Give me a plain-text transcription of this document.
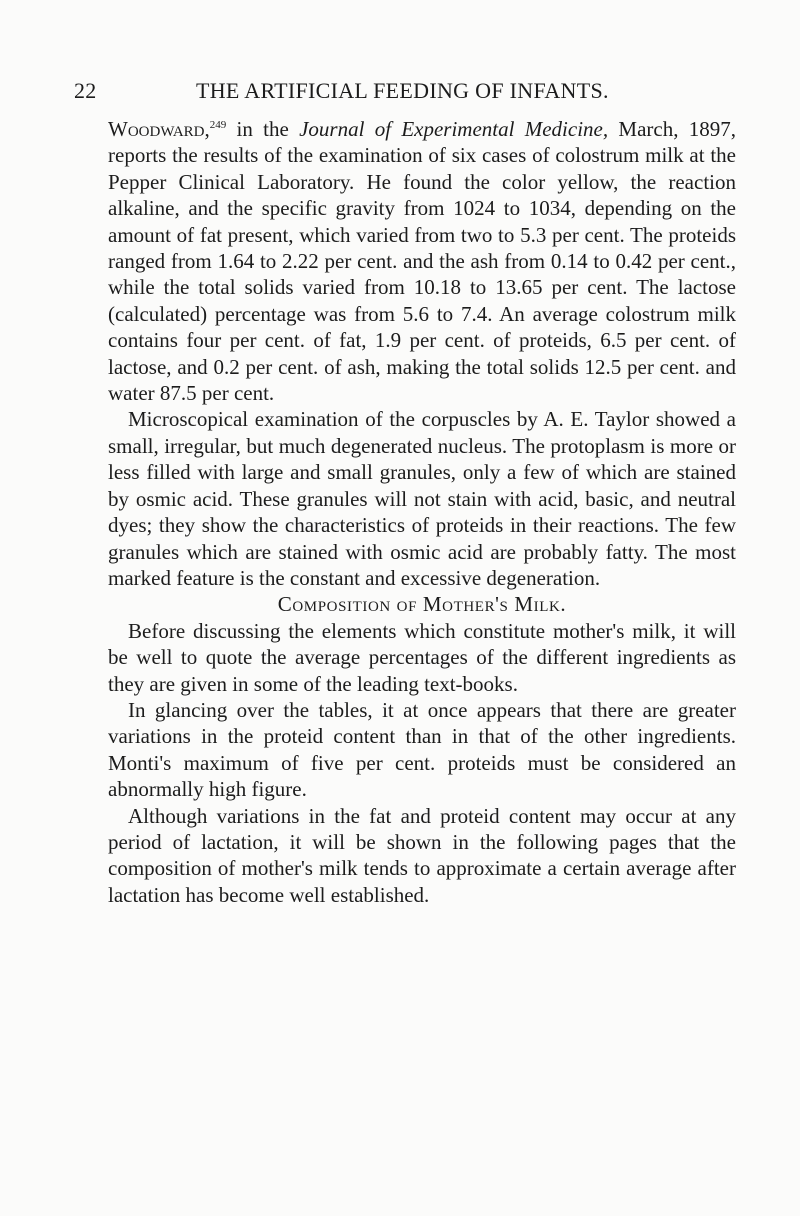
22	THE ARTIFICIAL FEEDING OF INFANTS.

Woodward,$^{249}$ in the Journal of Experimental Medicine, March, 1897, reports the results of the examination of six cases of colostrum milk at the Pepper Clinical Laboratory. He found the color yellow, the reaction alkaline, and the specific gravity from 1024 to 1034, depending on the amount of fat present, which varied from two to 5.3 per cent. The proteids ranged from 1.64 to 2.22 per cent. and the ash from 0.14 to 0.42 per cent., while the total solids varied from 10.18 to 13.65 per cent. The lactose (calculated) percentage was from 5.6 to 7.4. An average colostrum milk contains four per cent. of fat, 1.9 per cent. of proteids, 6.5 per cent. of lactose, and 0.2 per cent. of ash, making the total solids 12.5 per cent. and water 87.5 per cent.

Microscopical examination of the corpuscles by A. E. Taylor showed a small, irregular, but much degenerated nucleus. The protoplasm is more or less filled with large and small granules, only a few of which are stained by osmic acid. These granules will not stain with acid, basic, and neutral dyes; they show the characteristics of proteids in their reactions. The few granules which are stained with osmic acid are probably fatty. The most marked feature is the constant and excessive degeneration.

Composition of Mother's Milk.

Before discussing the elements which constitute mother's milk, it will be well to quote the average percentages of the different ingredients as they are given in some of the leading text-books.

In glancing over the tables, it at once appears that there are greater variations in the proteid content than in that of the other ingredients. Monti's maximum of five per cent. proteids must be considered an abnormally high figure.

Although variations in the fat and proteid content may occur at any period of lactation, it will be shown in the following pages that the composition of mother's milk tends to approximate a certain average after lactation has become well established.
